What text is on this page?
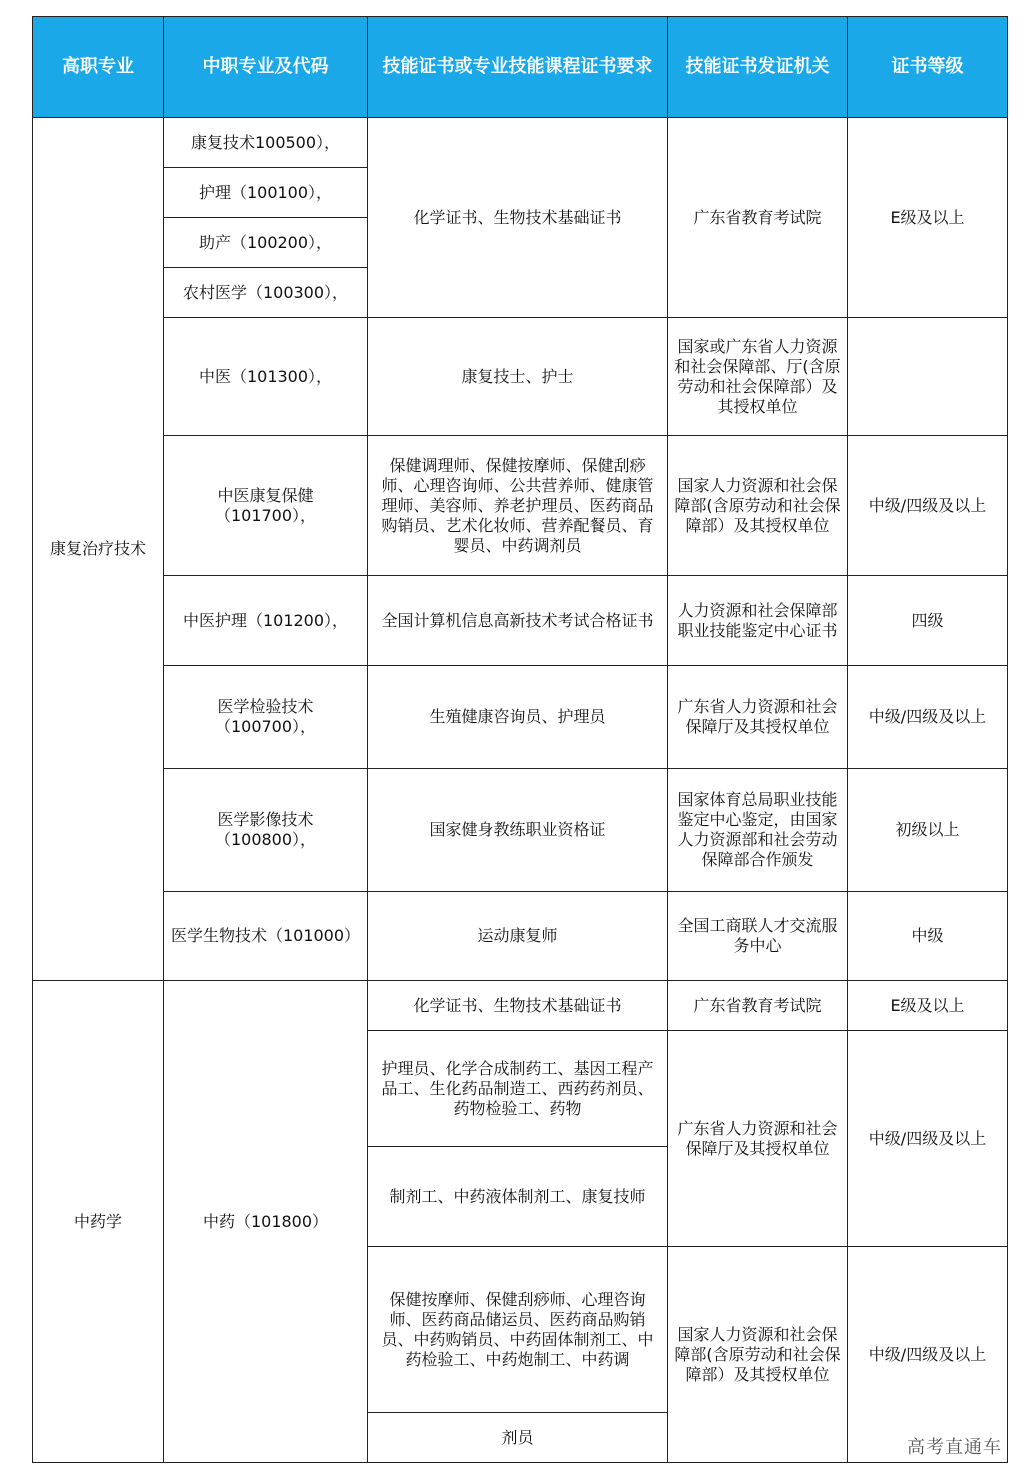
高职专业	中职专业及代码	技能证书或专业技能课程证书要求	技能证书发证机关	证书等级
康复治疗技术	康复技术100500），	化学证书、生物技术基础证书	广东省教育考试院	E级及以上
	护理（100100），			
	助产（100200），			
	农村医学（100300），			
	中医（101300），	康复技士、护士	国家或广东省人力资源和社会保障部、厅(含原劳动和社会保障部）及其授权单位	
	中医康复保健（101700），	保健调理师、保健按摩师、保健刮痧师、心理咨询师、公共营养师、健康管理师、美容师、养老护理员、医药商品购销员、艺术化妆师、营养配餐员、育婴员、中药调剂员	国家人力资源和社会保障部(含原劳动和社会保障部）及其授权单位	中级/四级及以上
	中医护理（101200），	全国计算机信息高新技术考试合格证书	人力资源和社会保障部职业技能鉴定中心证书	四级
	医学检验技术（100700），	生殖健康咨询员、护理员	广东省人力资源和社会保障厅及其授权单位	中级/四级及以上
	医学影像技术（100800），	国家健身教练职业资格证	国家体育总局职业技能鉴定中心鉴定，由国家人力资源部和社会劳动保障部合作颁发	初级以上
	医学生物技术（101000）	运动康复师	全国工商联人才交流服务中心	中级

中药学	中药（101800）	化学证书、生物技术基础证书	广东省教育考试院	E级及以上
		护理员、化学合成制药工、基因工程产品工、生化药品制造工、西药药剂员、药物检验工、药物	广东省人力资源和社会保障厅及其授权单位	中级/四级及以上
		制剂工、中药液体制剂工、康复技师		
		保健按摩师、保健刮痧师、心理咨询师、医药商品储运员、医药商品购销员、中药购销员、中药固体制剂工、中药检验工、中药炮制工、中药调	国家人力资源和社会保障部(含原劳动和社会保障部）及其授权单位	中级/四级及以上
		剂员			高考直通车
